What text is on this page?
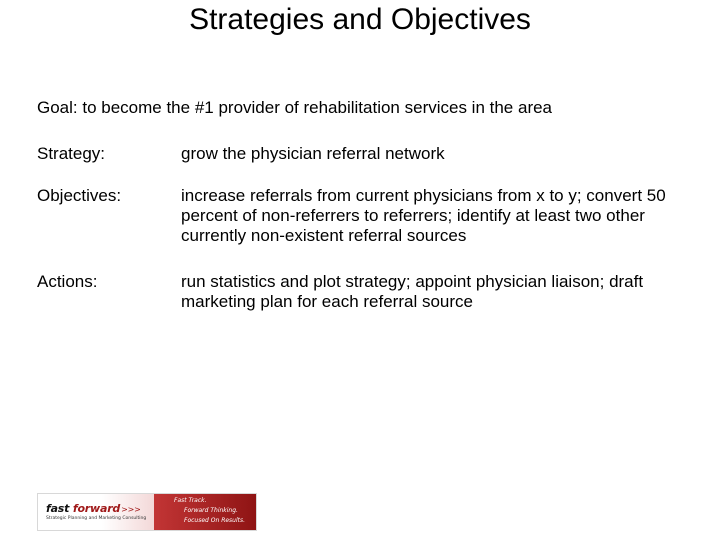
Strategies and Objectives
Goal: to become the #1 provider of rehabilitation services in the area
Strategy:	grow the physician referral network
Objectives:	increase referrals from current physicians from x to y; convert 50 percent of non-referrers to referrers; identify at least two other currently non-existent referral sources
Actions:	run statistics and plot strategy; appoint physician liaison; draft marketing plan for each referral source
fast forward>>>
Strategic Planning and Marketing Consulting
Fast Track.
Forward Thinking.
Focused On Results.
